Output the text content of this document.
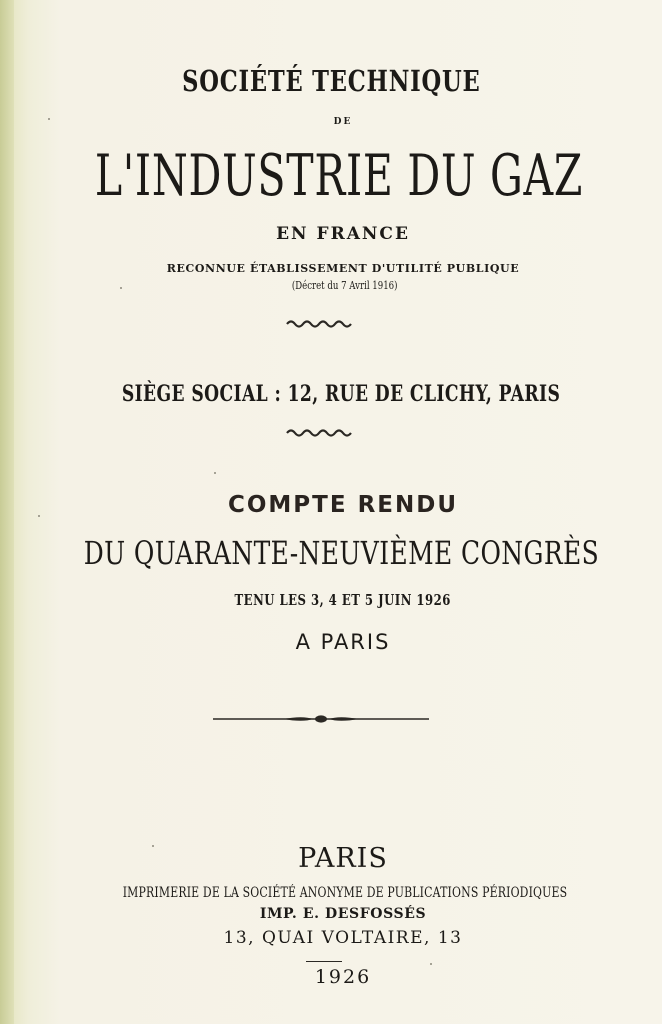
SOCIÉTÉ TECHNIQUE
DE
L'INDUSTRIE DU GAZ
EN FRANCE
RECONNUE ÉTABLISSEMENT D'UTILITÉ PUBLIQUE
(Décret du 7 Avril 1916)
SIÈGE SOCIAL : 12, RUE DE CLICHY, PARIS
COMPTE RENDU
DU QUARANTE-NEUVIÈME CONGRÈS
TENU LES 3, 4 ET 5 JUIN 1926
A PARIS
PARIS
IMPRIMERIE DE LA SOCIÉTÉ ANONYME DE PUBLICATIONS PÉRIODIQUES
IMP. E. DESFOSSÉS
13, QUAI VOLTAIRE, 13
1926
